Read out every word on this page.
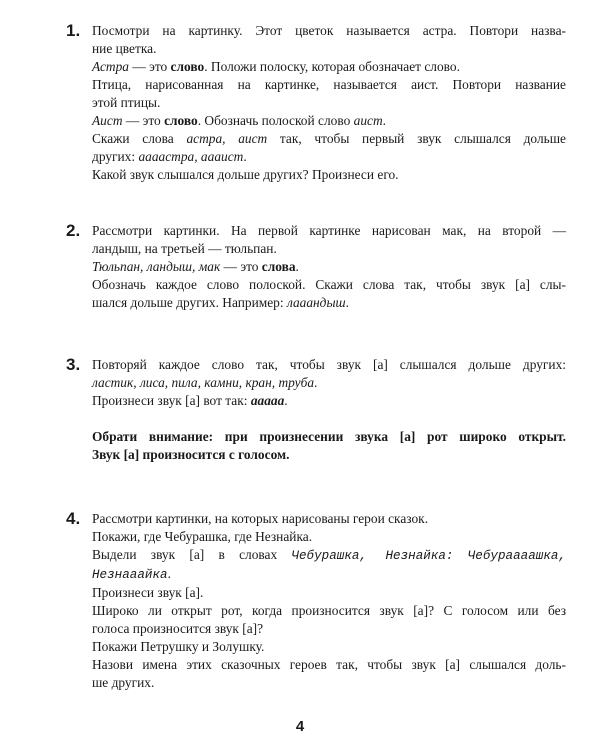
1. Посмотри на картинку. Этот цветок называется астра. Повтори назва-
ние цветка.
Астра — это слово. Положи полоску, которая обозначает слово.
Птица, нарисованная на картинке, называется аист. Повтори название
этой птицы.
Аист — это слово. Обозначь полоской слово аист.
Скажи слова астра, аист так, чтобы первый звук слышался дольше
других: аааастра, аааист.
Какой звук слышался дольше других? Произнеси его.
2. Рассмотри картинки. На первой картинке нарисован мак, на второй —
ландыш, на третьей — тюльпан.
Тюльпан, ландыш, мак — это слова.
Обозначь каждое слово полоской. Скажи слова так, чтобы звук [а] слы-
шался дольше других. Например: лааандыш.
3. Повторяй каждое слово так, чтобы звук [а] слышался дольше других:
ластик, лиса, пила, камни, кран, труба.
Произнеси звук [а] вот так: ааааа.
Обрати внимание: при произнесении звука [а] рот широко открыт.
Звук [а] произносится с голосом.
4. Рассмотри картинки, на которых нарисованы герои сказок.
Покажи, где Чебурашка, где Незнайка.
Выдели звук [а] в словах Чебурашка, Незнайка: Чебураааашка,
Незнааайка.
Произнеси звук [а].
Широко ли открыт рот, когда произносится звук [а]? С голосом или без
голоса произносится звук [а]?
Покажи Петрушку и Золушку.
Назови имена этих сказочных героев так, чтобы звук [а] слышался доль-
ше других.
4
